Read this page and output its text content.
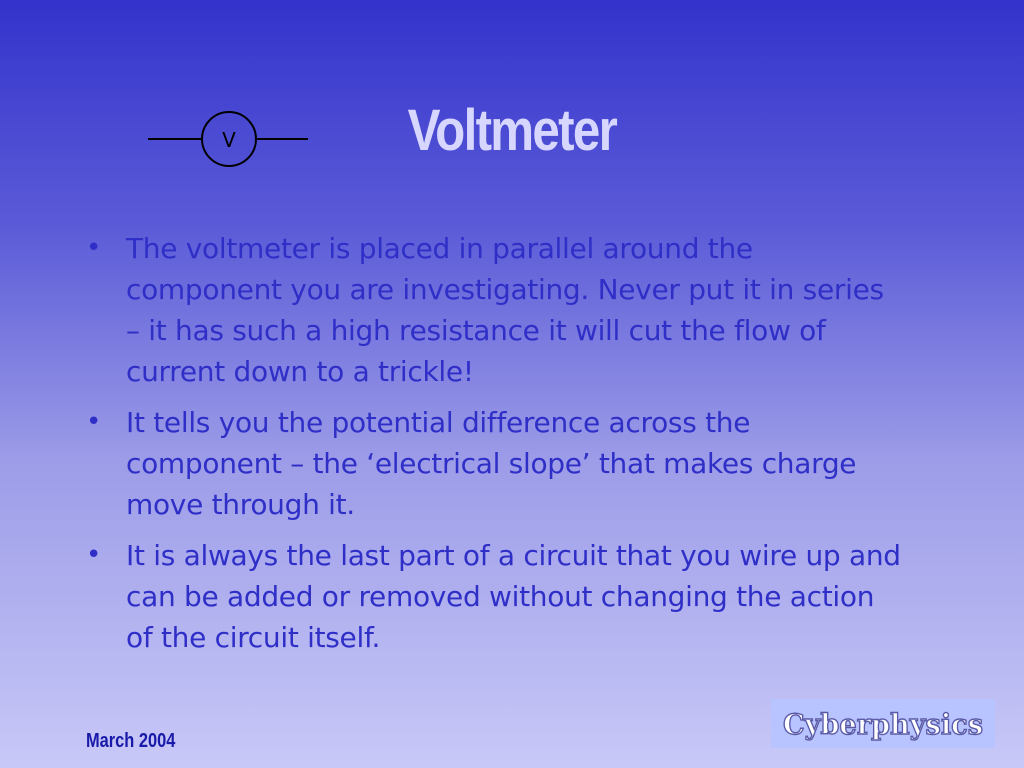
V	Voltmeter
• The voltmeter is placed in parallel around the component you are investigating. Never put it in series – it has such a high resistance it will cut the flow of current down to a trickle!
• It tells you the potential difference across the component – the ‘electrical slope’ that makes charge move through it.
• It is always the last part of a circuit that you wire up and can be added or removed without changing the action of the circuit itself.
March 2004
Cyberphysics
